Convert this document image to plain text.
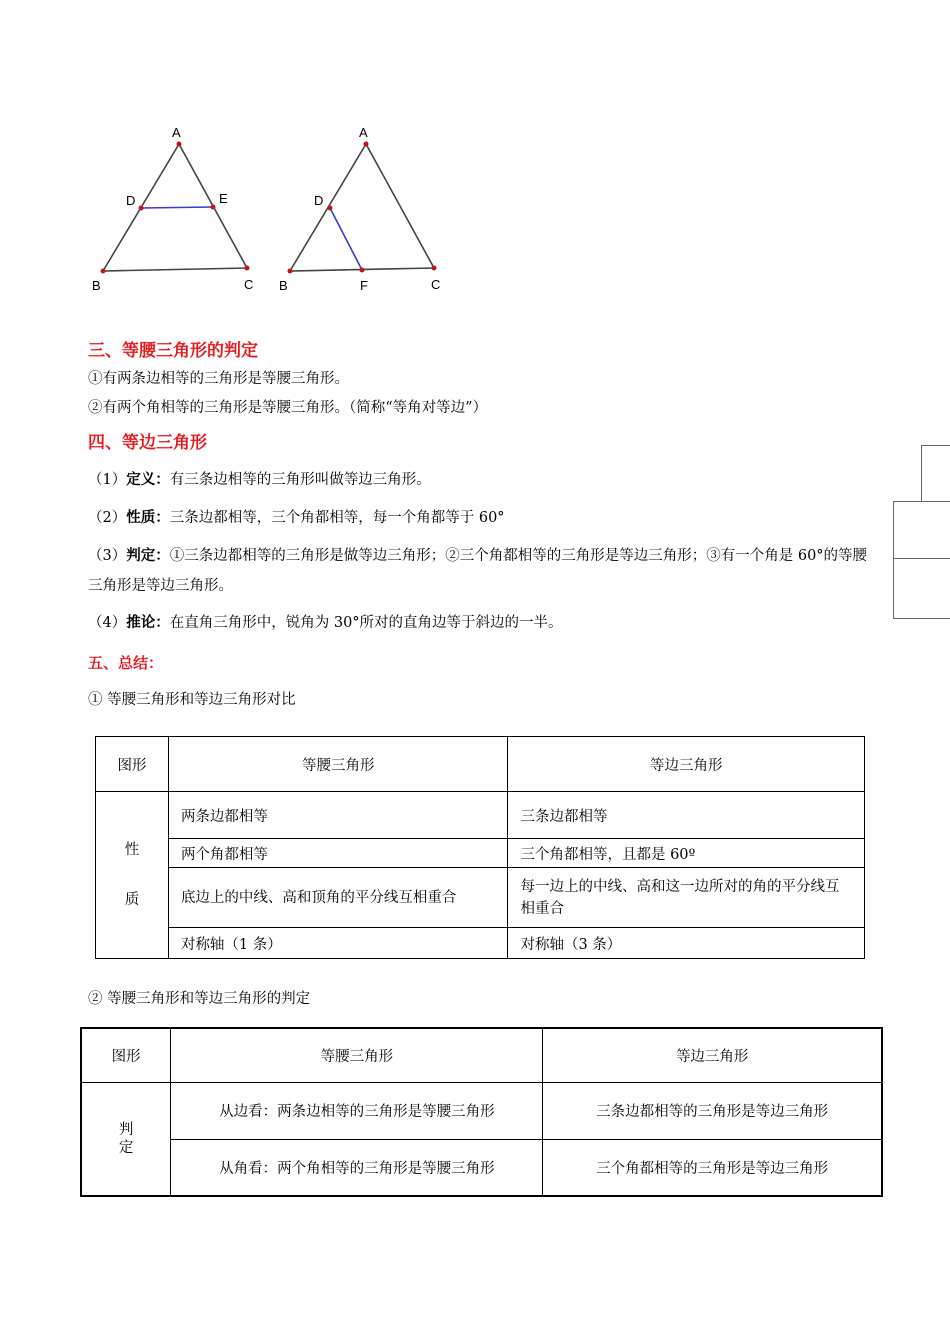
A
D	E
B	C
A
D
B	F	C
三、等腰三角形的判定
①有两条边相等的三角形是等腰三角形。
②有两个角相等的三角形是等腰三角形。（简称“等角对等边”）
四、等边三角形
（1）定义：有三条边相等的三角形叫做等边三角形。
（2）性质：三条边都相等，三个角都相等，每一个角都等于 60°
（3）判定：①三条边都相等的三角形是做等边三角形；②三个角都相等的三角形是等边三角形；③有一个角是 60°的等腰三角形是等边三角形。
（4）推论：在直角三角形中，锐角为 30°所对的直角边等于斜边的一半。
五、总结：
① 等腰三角形和等边三角形对比
图形	等腰三角形	等边三角形

性
质	两条边都相等	三条边都相等
	两个角都相等	三个角都相等，且都是 60º
	底边上的中线、高和顶角的平分线互相重合	每一边上的中线、高和这一边所对的角的平分线互相重合
	对称轴（1 条）	对称轴（3 条）
② 等腰三角形和等边三角形的判定
图形	等腰三角形	等边三角形

判
定	从边看：两条边相等的三角形是等腰三角形	三条边都相等的三角形是等边三角形
	从角看：两个角相等的三角形是等腰三角形	三个角都相等的三角形是等边三角形
